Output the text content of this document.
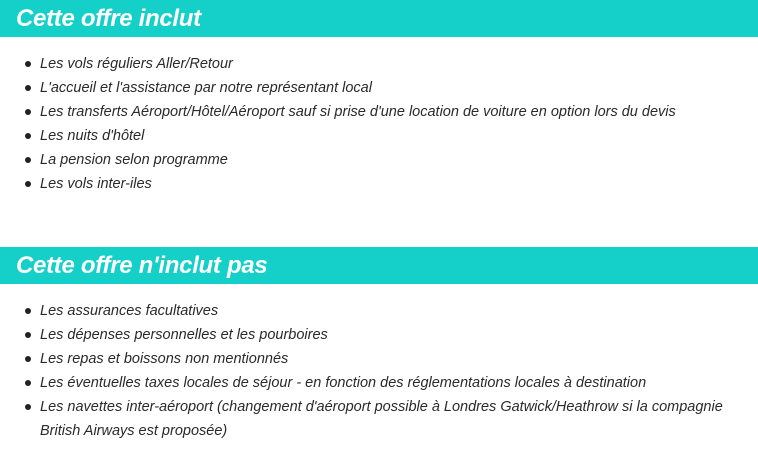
Cette offre inclut
Les vols réguliers Aller/Retour
L'accueil et l'assistance par notre représentant local
Les transferts Aéroport/Hôtel/Aéroport sauf si prise d'une location de voiture en option lors du devis
Les nuits d'hôtel
La pension selon programme
Les vols inter-iles
Cette offre n'inclut pas
Les assurances facultatives
Les dépenses personnelles et les pourboires
Les repas et boissons non mentionnés
Les éventuelles taxes locales de séjour - en fonction des réglementations locales à destination
Les navettes inter-aéroport (changement d'aéroport possible à Londres Gatwick/Heathrow si la compagnie British Airways est proposée)
